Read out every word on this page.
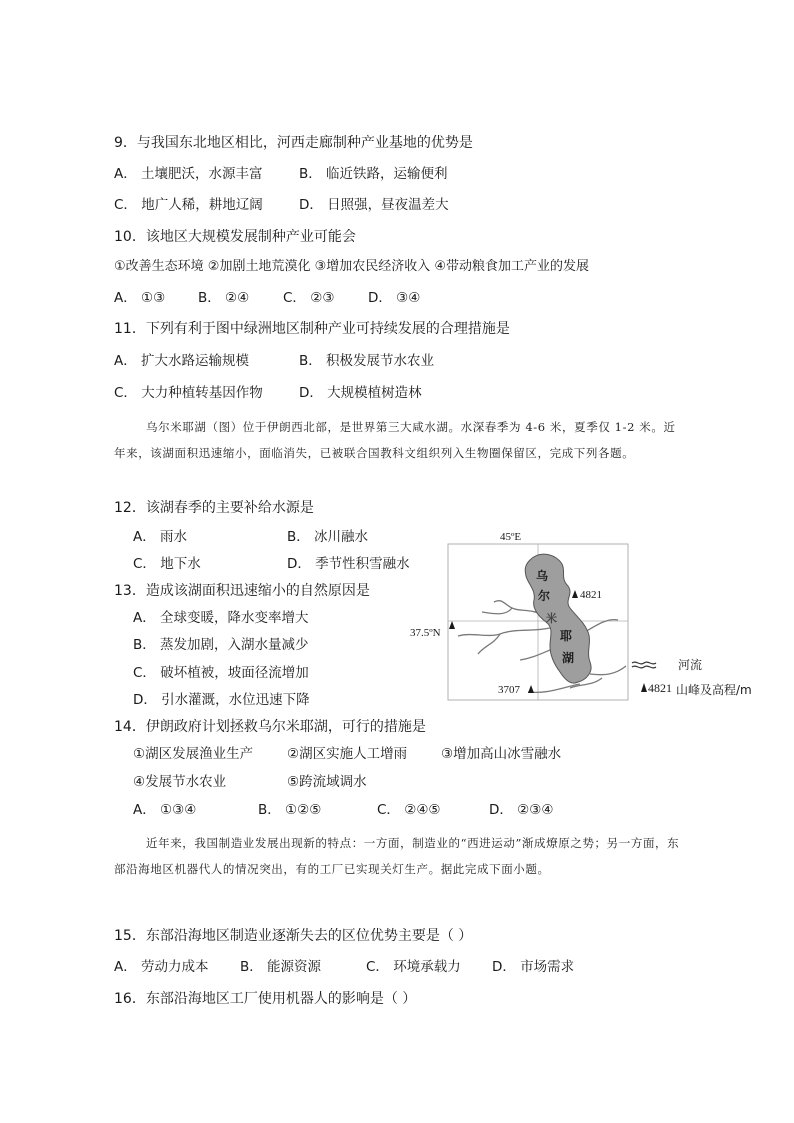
9．与我国东北地区相比，河西走廊制种产业基地的优势是
A． 土壤肥沃，水源丰富	B． 临近铁路，运输便利
C． 地广人稀，耕地辽阔	D． 日照强，昼夜温差大
10．该地区大规模发展制种产业可能会
①改善生态环境 ②加剧土地荒漠化 ③增加农民经济收入 ④带动粮食加工产业的发展
A． ①③ B． ②④ C． ②③ D． ③④
11．下列有利于图中绿洲地区制种产业可持续发展的合理措施是
A． 扩大水路运输规模	B． 积极发展节水农业
C． 大力种植转基因作物	D． 大规模植树造林
乌尔米耶湖（图）位于伊朗西北部，是世界第三大咸水湖。水深春季为 4-6 米，夏季仅 1-2 米。近年来，该湖面积迅速缩小，面临消失，已被联合国教科文组织列入生物圈保留区，完成下列各题。
12．该湖春季的主要补给水源是
A． 雨水	B． 冰川融水
C． 地下水	D． 季节性积雪融水
13．造成该湖面积迅速缩小的自然原因是
A． 全球变暖，降水变率增大
B． 蒸发加剧，入湖水量减少
C． 破坏植被，坡面径流增加
D． 引水灌溉，水位迅速下降
乌
尔
米
耶
湖
4821
3707
45ºE
37.5ºN
河流
4821 山峰及高程/m
14．伊朗政府计划拯救乌尔米耶湖，可行的措施是
①湖区发展渔业生产	②湖区实施人工增雨	③增加高山冰雪融水
④发展节水农业	⑤跨流域调水
A． ①③④	B． ①②⑤	C． ②④⑤	D． ②③④
近年来，我国制造业发展出现新的特点：一方面，制造业的“西进运动”渐成燎原之势；另一方面，东部沿海地区机器代人的情况突出，有的工厂已实现关灯生产。据此完成下面小题。
15．东部沿海地区制造业逐渐失去的区位优势主要是（ ）
A． 劳动力成本 B． 能源资源	C． 环境承载力 D． 市场需求
16．东部沿海地区工厂使用机器人的影响是（ ）
